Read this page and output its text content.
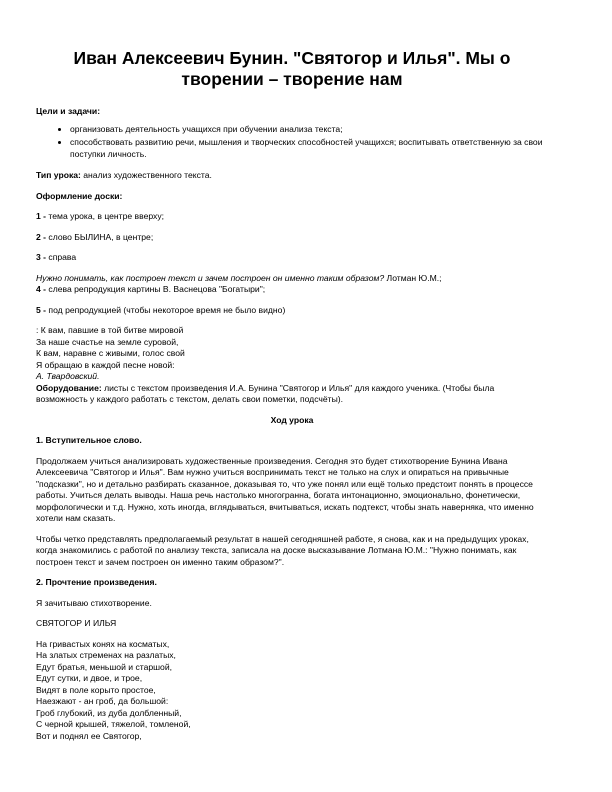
Иван Алексеевич Бунин. "Святогор и Илья". Мы о творении – творение нам

Цели и задачи:

• организовать деятельность учащихся при обучении анализа текста;
• способствовать развитию речи, мышления и творческих способностей учащихся; воспитывать ответственную за свои поступки личность.

Тип урока: анализ художественного текста.

Оформление доски:

1 - тема урока, в центре вверху;

2 - слово БЫЛИНА, в центре;

3 - справа

Нужно понимать, как построен текст и зачем построен он именно таким образом? Лотман Ю.М.;

4 - слева репродукция картины В. Васнецова "Богатыри";

5 - под репродукцией (чтобы некоторое время не было видно)

: К вам, павшие в той битве мировой

За наше счастье на земле суровой,

К вам, наравне с живыми, голос свой

Я обращаю в каждой песне новой:

А. Твардовский.

Оборудование: листы с текстом произведения И.А. Бунина "Святогор и Илья" для каждого ученика. (Чтобы была возможность у каждого работать с текстом, делать свои пометки, подсчёты).

Ход урока

1. Вступительное слово.

Продолжаем учиться анализировать художественные произведения. Сегодня это будет стихотворение Бунина Ивана Алексеевича "Святогор и Илья". Вам нужно учиться воспринимать текст не только на слух и опираться на привычные "подсказки", но и детально разбирать сказанное, доказывая то, что уже понял или ещё только предстоит понять в процессе работы. Учиться делать выводы. Наша речь настолько многогранна, богата интонационно, эмоционально, фонетически, морфологически и т.д. Нужно, хоть иногда, вглядываться, вчитываться, искать подтекст, чтобы знать наверняка, что именно хотели нам сказать.

Чтобы четко представлять предполагаемый результат в нашей сегодняшней работе, я снова, как и на предыдущих уроках, когда знакомились с работой по анализу текста, записала на доске высказывание Лотмана Ю.М.: "Нужно понимать, как построен текст и зачем построен он именно таким образом?".

2. Прочтение произведения.

Я зачитываю стихотворение.

СВЯТОГОР И ИЛЬЯ

На гривастых конях на косматых,

На златых стременах на разлатых,

Едут братья, меньшой и старшой,

Едут сутки, и двое, и трое,

Видят в поле корыто простое,

Наезжают - ан гроб, да большой:

Гроб глубокий, из дуба долбленный,

С черной крышей, тяжелой, томленой,

Вот и поднял ее Святогор,
